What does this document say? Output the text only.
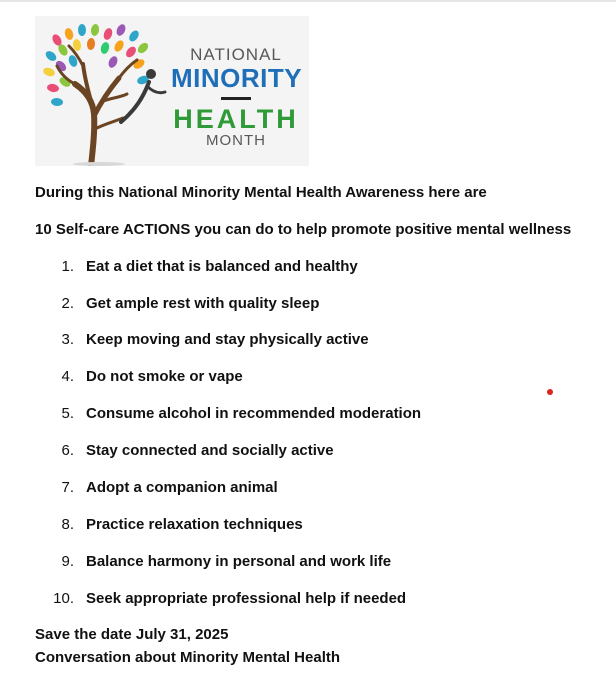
NATIONAL
MINORITY
HEALTH
MONTH
During this National Minority Mental Health Awareness here are
10 Self-care ACTIONS you can do to help promote positive mental wellness
1. Eat a diet that is balanced and healthy
2. Get ample rest with quality sleep
3. Keep moving and stay physically active
4. Do not smoke or vape
5. Consume alcohol in recommended moderation
6. Stay connected and socially active
7. Adopt a companion animal
8. Practice relaxation techniques
9. Balance harmony in personal and work life
10. Seek appropriate professional help if needed
Save the date July 31, 2025
Conversation about Minority Mental Health
